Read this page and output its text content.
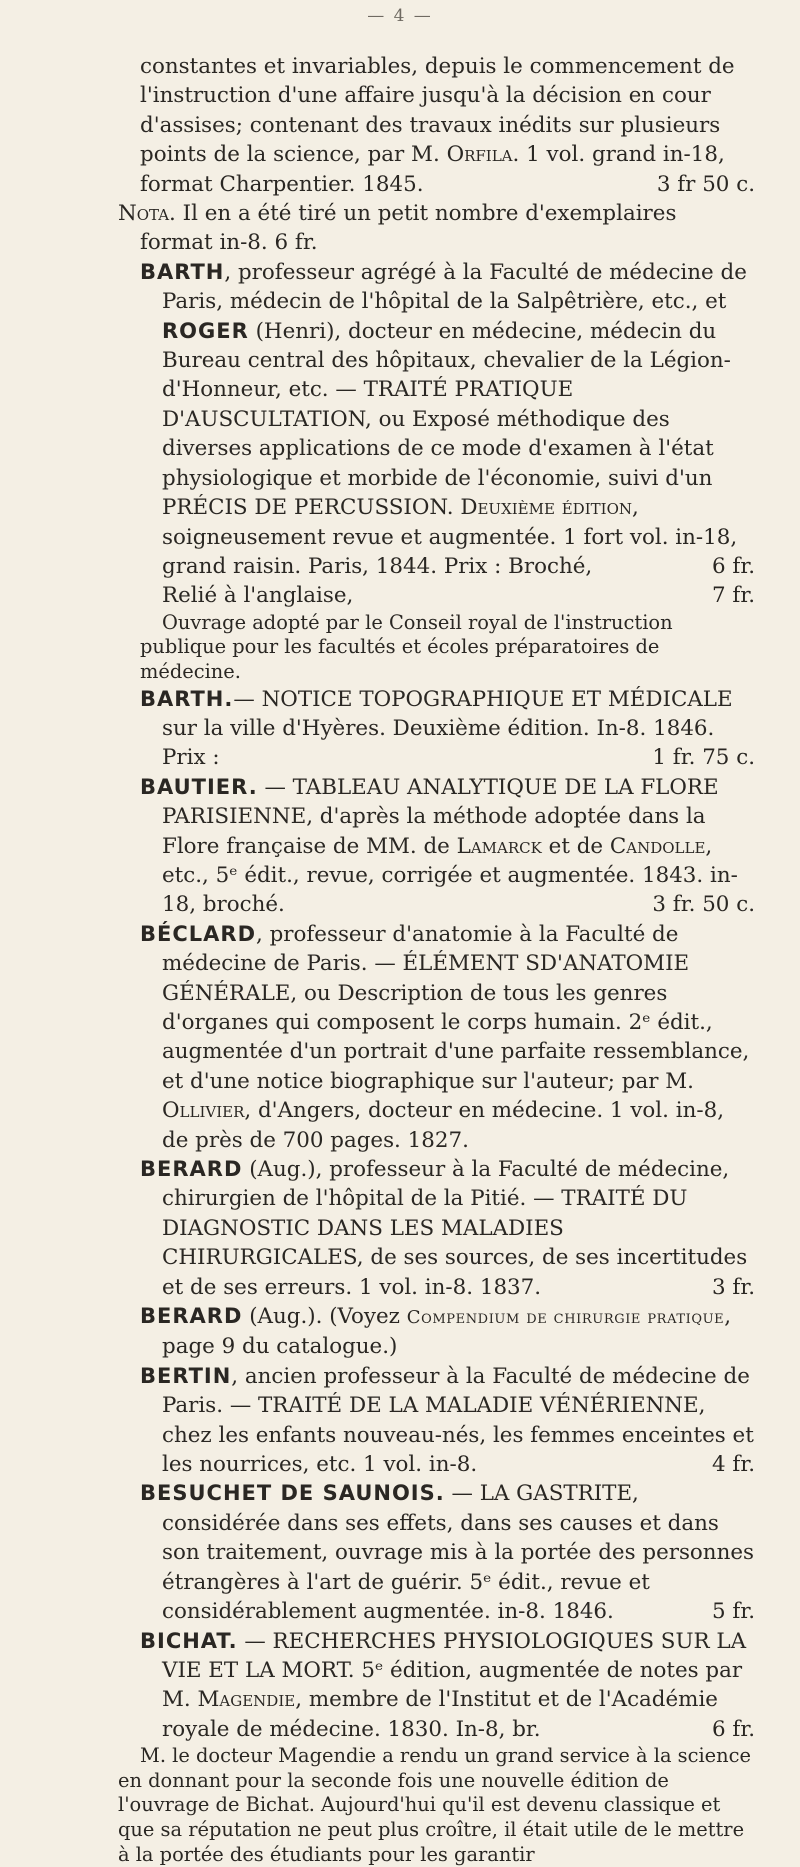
— 4 —

constantes et invariables, depuis le commencement de l'instruction d'une affaire jusqu'à la décision en cour d'assises; contenant des travaux inédits sur plusieurs points de la science, par M. Orfila. 1 vol. grand in-18, format Charpentier. 1845.	3 fr 50 c.

Nota. Il en a été tiré un petit nombre d'exemplaires format in-8. 6 fr.

BARTH, professeur agrégé à la Faculté de médecine de Paris, médecin de l'hôpital de la Salpêtrière, etc., et ROGER (Henri), docteur en médecine, médecin du Bureau central des hôpitaux, chevalier de la Légion-d'Honneur, etc. — TRAITÉ PRATIQUE D'AUSCULTATION, ou Exposé méthodique des diverses applications de ce mode d'examen à l'état physiologique et morbide de l'économie, suivi d'un PRÉCIS DE PERCUSSION. Deuxième édition, soigneusement revue et augmentée. 1 fort vol. in-18, grand raisin. Paris, 1844. Prix : Broché,	6 fr.

Relié à l'anglaise,	7 fr.

Ouvrage adopté par le Conseil royal de l'instruction publique pour les facultés et écoles préparatoires de médecine.

BARTH.— NOTICE TOPOGRAPHIQUE ET MÉDICALE sur la ville d'Hyères. Deuxième édition. In-8. 1846. Prix :	1 fr. 75 c.

BAUTIER. — TABLEAU ANALYTIQUE DE LA FLORE PARISIENNE, d'après la méthode adoptée dans la Flore française de MM. de Lamarck et de Candolle, etc., 5ᵉ édit., revue, corrigée et augmentée. 1843. in-18, broché.	3 fr. 50 c.

BÉCLARD, professeur d'anatomie à la Faculté de médecine de Paris. — ÉLÉMENT SD'ANATOMIE GÉNÉRALE, ou Description de tous les genres d'organes qui composent le corps humain. 2ᵉ édit., augmentée d'un portrait d'une parfaite ressemblance, et d'une notice biographique sur l'auteur; par M. Ollivier, d'Angers, docteur en médecine. 1 vol. in-8, de près de 700 pages. 1827.

BERARD (Aug.), professeur à la Faculté de médecine, chirurgien de l'hôpital de la Pitié. — TRAITÉ DU DIAGNOSTIC DANS LES MALADIES CHIRURGICALES, de ses sources, de ses incertitudes et de ses erreurs. 1 vol. in-8. 1837.	3 fr.

BERARD (Aug.). (Voyez Compendium de chirurgie pratique, page 9 du catalogue.)

BERTIN, ancien professeur à la Faculté de médecine de Paris. — TRAITÉ DE LA MALADIE VÉNÉRIENNE, chez les enfants nouveau-nés, les femmes enceintes et les nourrices, etc. 1 vol. in-8.	4 fr.

BESUCHET DE SAUNOIS. — LA GASTRITE, considérée dans ses effets, dans ses causes et dans son traitement, ouvrage mis à la portée des personnes étrangères à l'art de guérir. 5ᵉ édit., revue et considérablement augmentée. in-8. 1846.	5 fr.

BICHAT. — RECHERCHES PHYSIOLOGIQUES SUR LA VIE ET LA MORT. 5ᵉ édition, augmentée de notes par M. Magendie, membre de l'Institut et de l'Académie royale de médecine. 1830. In-8, br.	6 fr.

M. le docteur Magendie a rendu un grand service à la science en donnant pour la seconde fois une nouvelle édition de l'ouvrage de Bichat. Aujourd'hui qu'il est devenu classique et que sa réputation ne peut plus croître, il était utile de le mettre à la portée des étudiants pour les garantir
